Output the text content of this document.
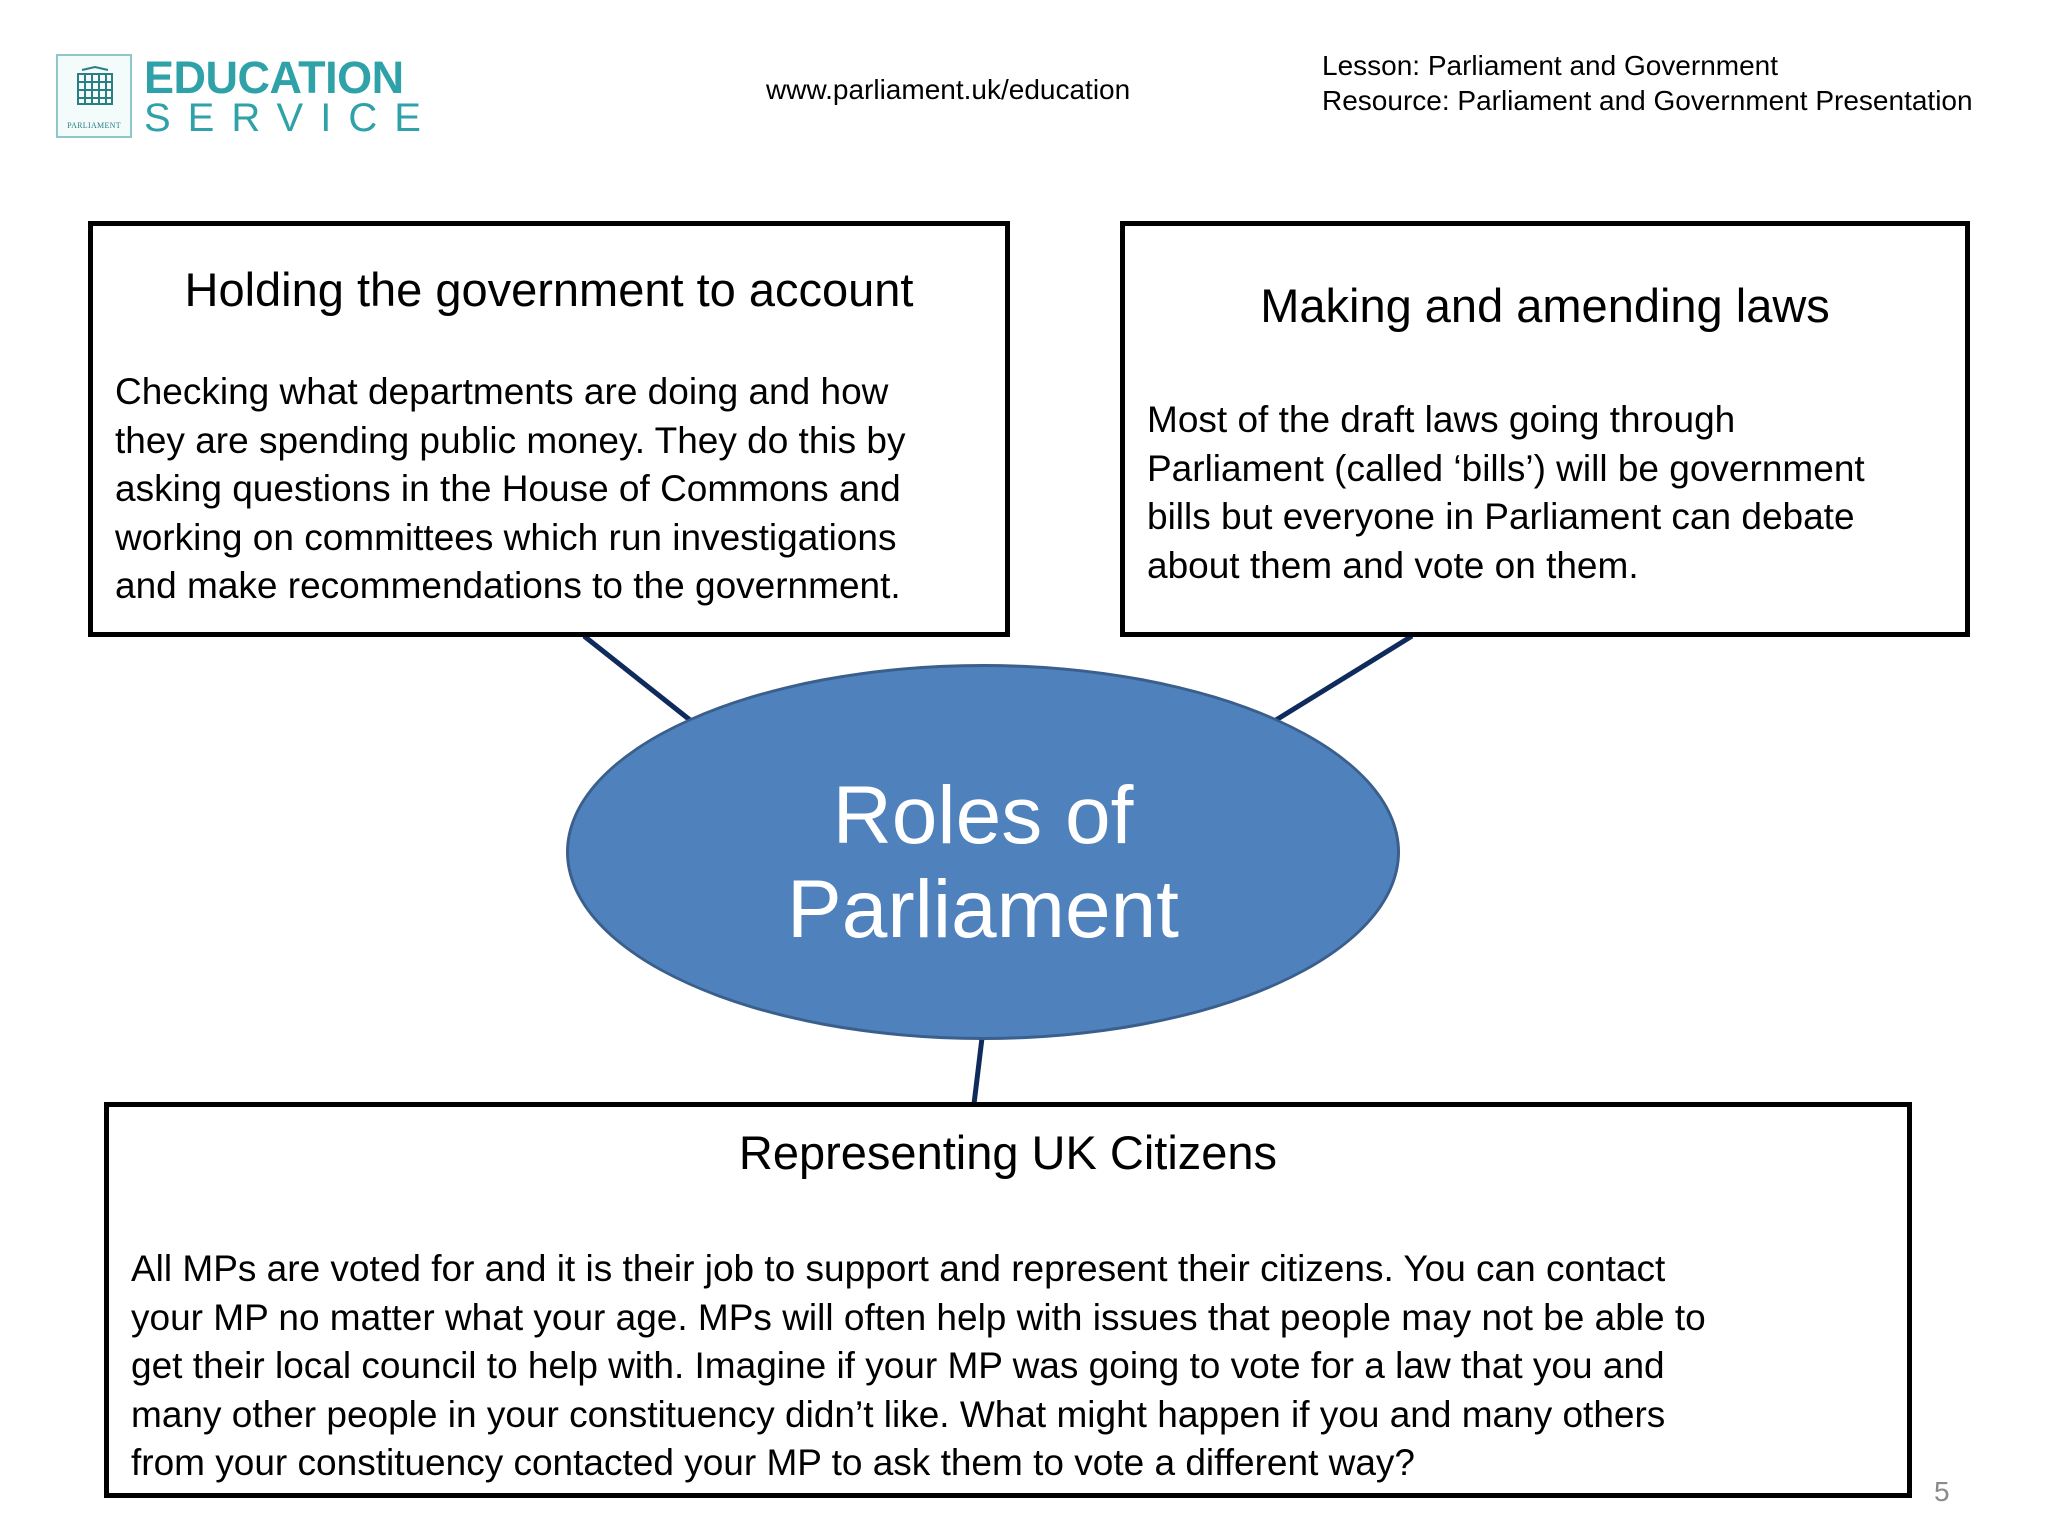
PARLIAMENT
EDUCATION
SERVICE
www.parliament.uk/education
Lesson: Parliament and Government
Resource: Parliament and Government Presentation
Holding the government to account
Checking what departments are doing and how
they are spending public money. They do this by
asking questions in the House of Commons and
working on committees which run investigations
and make recommendations to the government.
Making and amending laws
Most of the draft laws going through
Parliament (called ‘bills’) will be government
bills but everyone in Parliament can debate
about them and vote on them.
Roles of
Parliament
Representing UK Citizens
All MPs are voted for and it is their job to support and represent their citizens. You can contact
your MP no matter what your age. MPs will often help with issues that people may not be able to
get their local council to help with. Imagine if your MP was going to vote for a law that you and
many other people in your constituency didn’t like. What might happen if you and many others
from your constituency contacted your MP to ask them to vote a different way?
5
